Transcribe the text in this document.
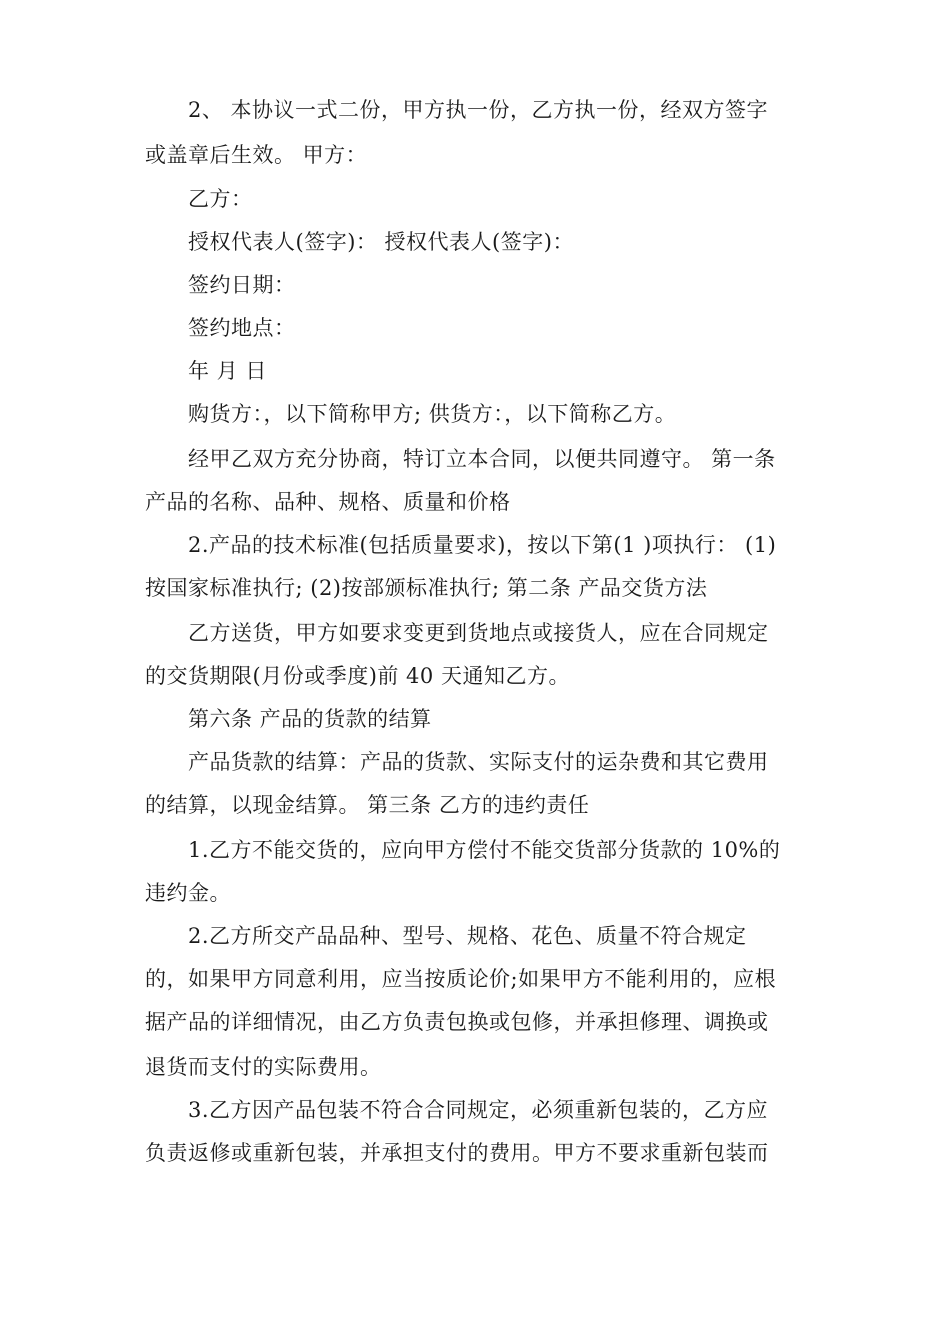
2、 本协议一式二份，甲方执一份，乙方执一份，经双方签字
或盖章后生效。 甲方：
乙方：
授权代表人(签字)： 授权代表人(签字)：
签约日期：
签约地点：
年 月 日
购货方：，以下简称甲方; 供货方：，以下简称乙方。
经甲乙双方充分协商，特订立本合同，以便共同遵守。 第一条
产品的名称、品种、规格、质量和价格
2.产品的技术标准(包括质量要求)，按以下第(1 )项执行： (1)
按国家标准执行; (2)按部颁标准执行; 第二条 产品交货方法
乙方送货，甲方如要求变更到货地点或接货人，应在合同规定
的交货期限(月份或季度)前 40 天通知乙方。
第六条 产品的货款的结算
产品货款的结算：产品的货款、实际支付的运杂费和其它费用
的结算，以现金结算。 第三条 乙方的违约责任
1.乙方不能交货的，应向甲方偿付不能交货部分货款的 10%的
违约金。
2.乙方所交产品品种、型号、规格、花色、质量不符合规定
的，如果甲方同意利用，应当按质论价;如果甲方不能利用的，应根
据产品的详细情况，由乙方负责包换或包修，并承担修理、调换或
退货而支付的实际费用。
3.乙方因产品包装不符合合同规定，必须重新包装的，乙方应
负责返修或重新包装，并承担支付的费用。甲方不要求重新包装而
